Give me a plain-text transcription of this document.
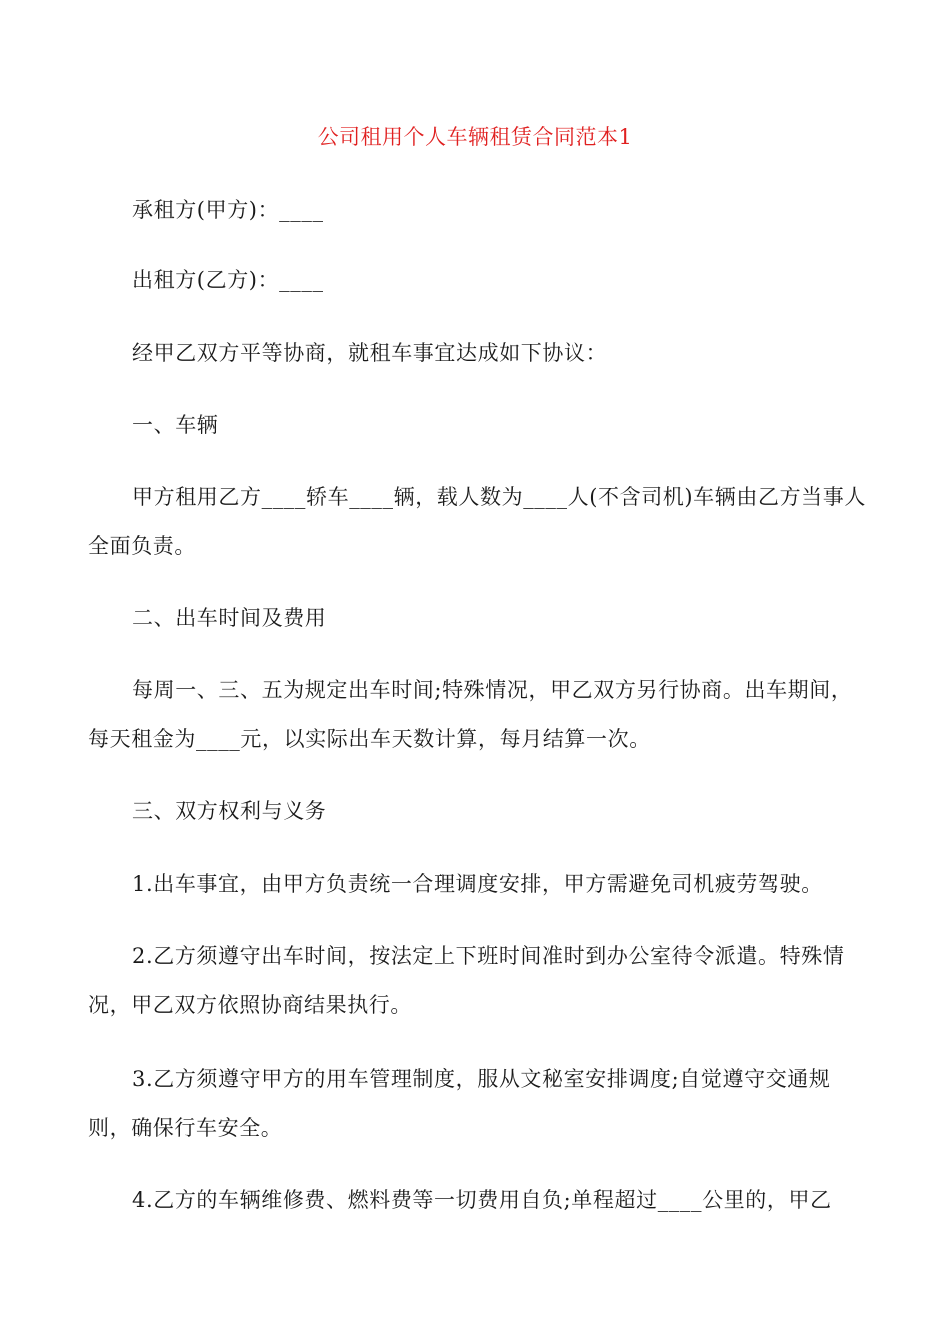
公司租用个人车辆租赁合同范本1
承租方(甲方)：____
出租方(乙方)：____
经甲乙双方平等协商，就租车事宜达成如下协议：
一、车辆
甲方租用乙方____轿车____辆，载人数为____人(不含司机)车辆由乙方当事人全面负责。
二、出车时间及费用
每周一、三、五为规定出车时间;特殊情况，甲乙双方另行协商。出车期间，每天租金为____元，以实际出车天数计算，每月结算一次。
三、双方权利与义务
1.出车事宜，由甲方负责统一合理调度安排，甲方需避免司机疲劳驾驶。
2.乙方须遵守出车时间，按法定上下班时间准时到办公室待令派遣。特殊情况，甲乙双方依照协商结果执行。
3.乙方须遵守甲方的用车管理制度，服从文秘室安排调度;自觉遵守交通规则，确保行车安全。
4.乙方的车辆维修费、燃料费等一切费用自负;单程超过____公里的，甲乙
